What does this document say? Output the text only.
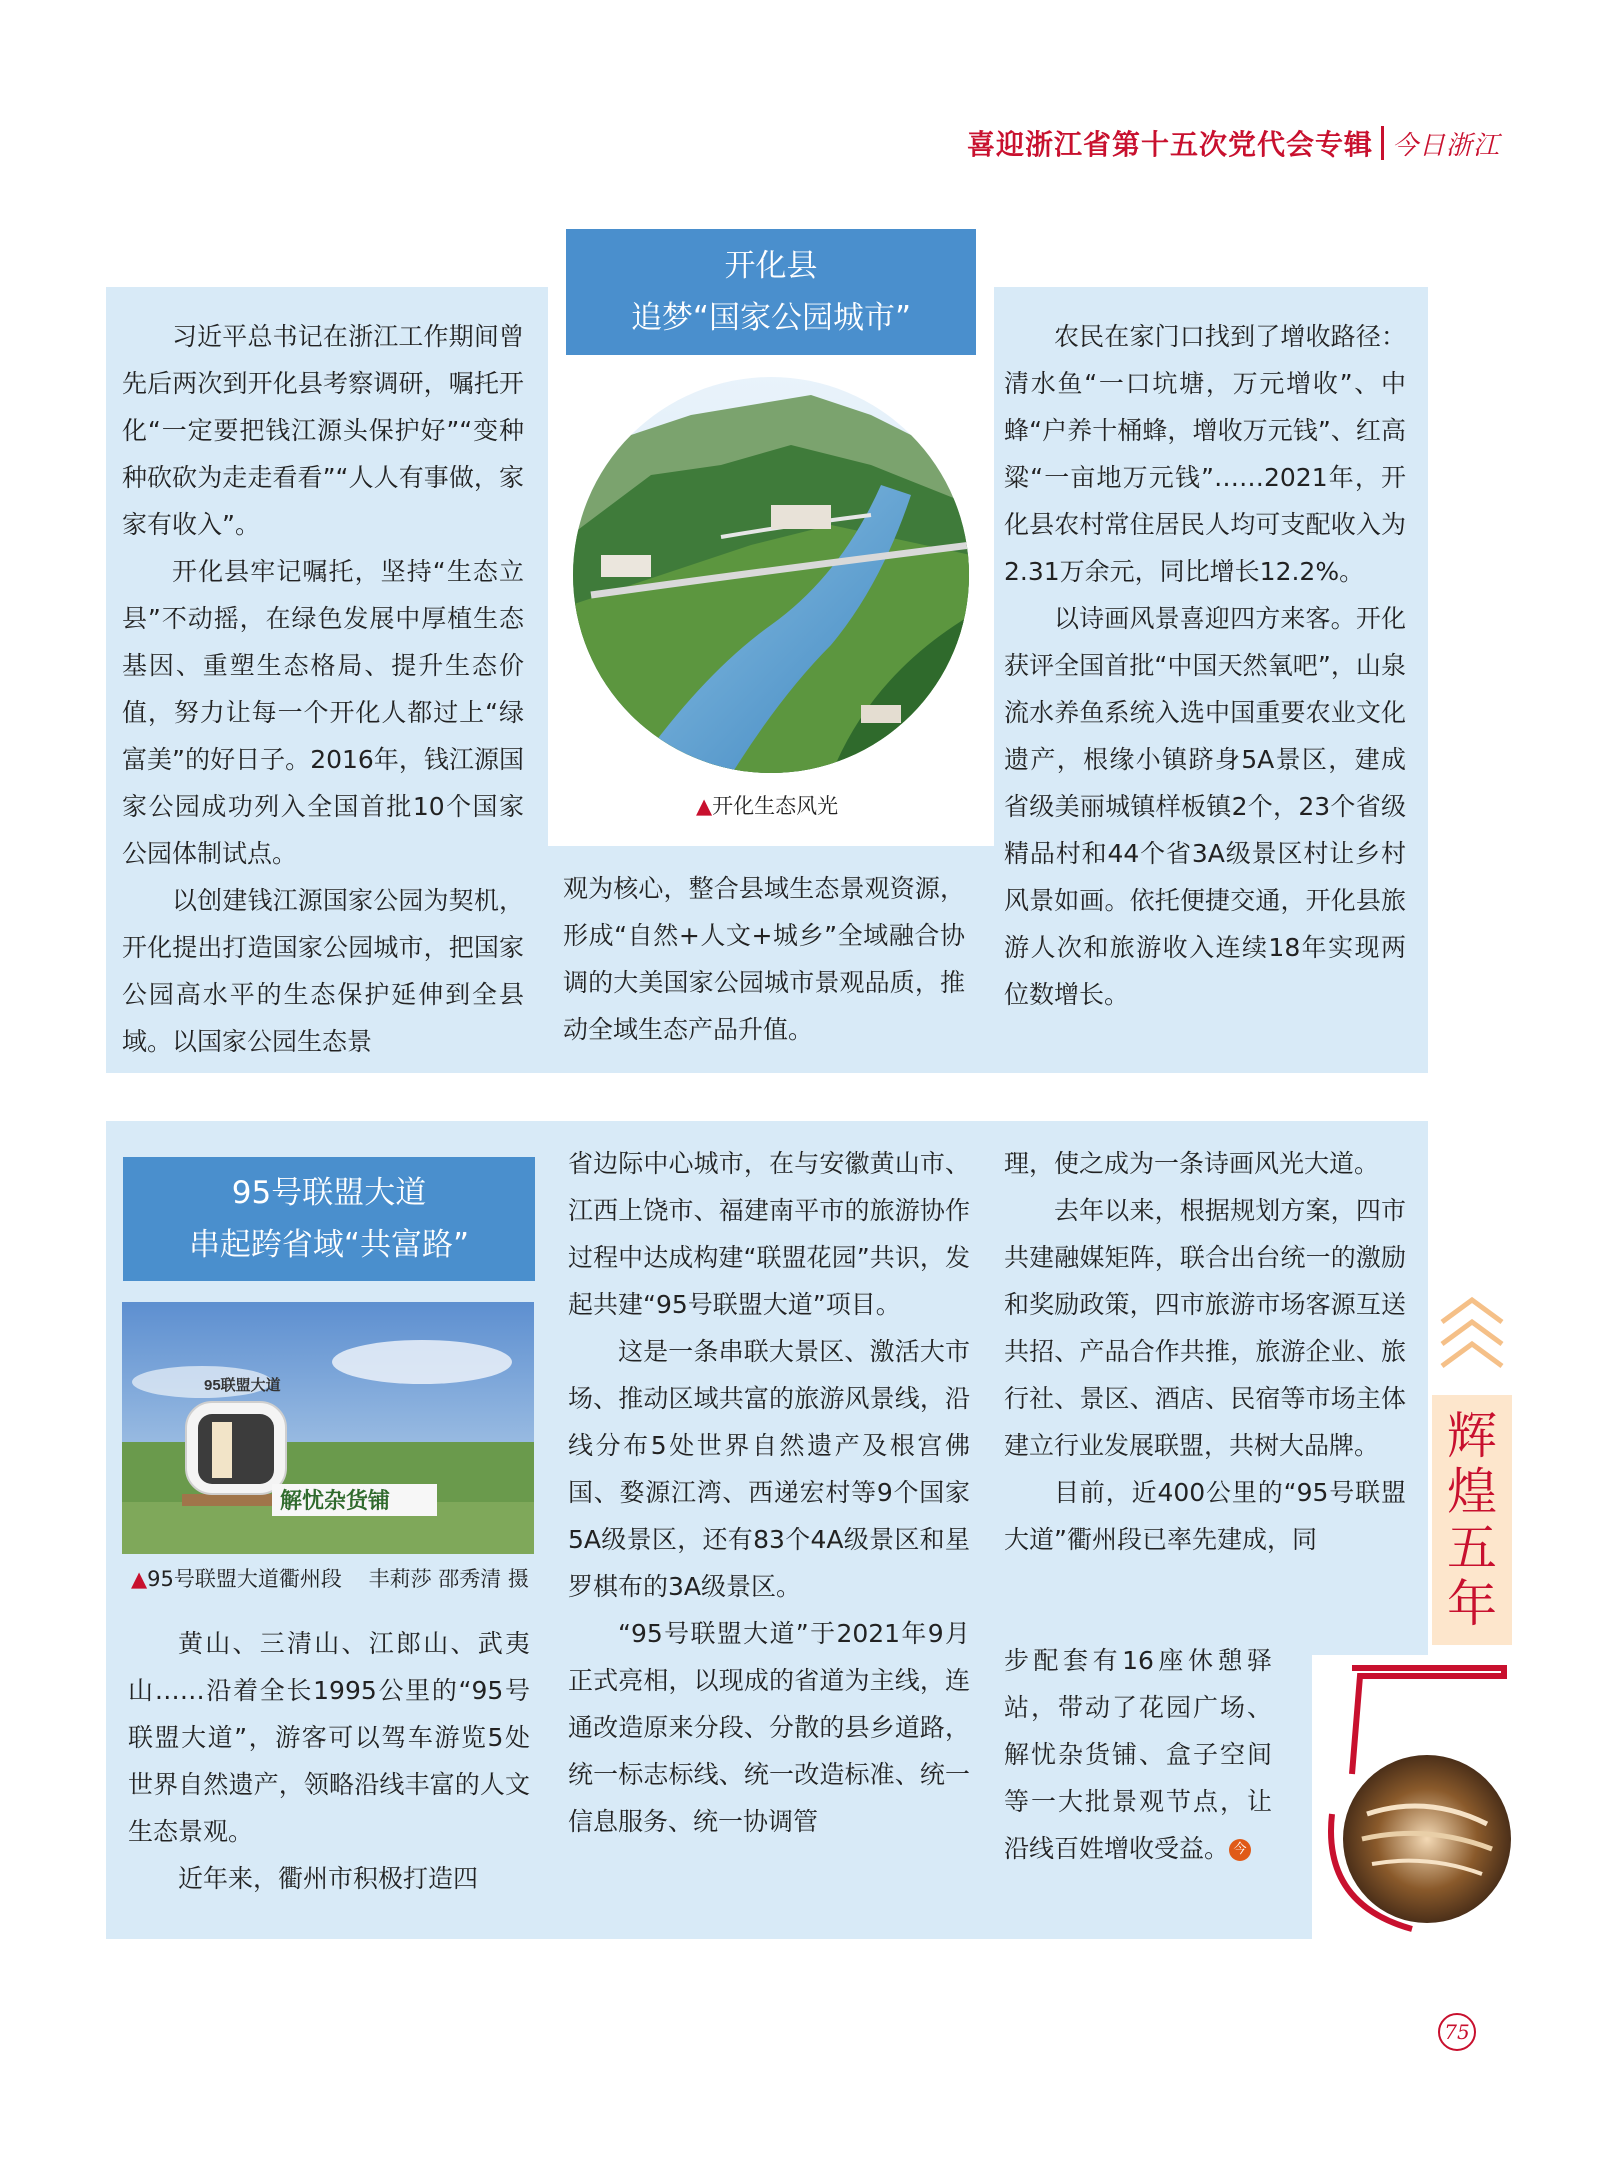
喜迎浙江省第十五次党代会专辑 今日浙江
开化县
追梦“国家公园城市”
▲开化生态风光

习近平总书记在浙江工作期间曾先后两次到开化县考察调研，嘱托开化“一定要把钱江源头保护好”“变种种砍砍为走走看看”“人人有事做，家家有收入”。

开化县牢记嘱托，坚持“生态立县”不动摇，在绿色发展中厚植生态基因、重塑生态格局、提升生态价值，努力让每一个开化人都过上“绿富美”的好日子。2016年，钱江源国家公园成功列入全国首批10个国家公园体制试点。

以创建钱江源国家公园为契机，开化提出打造国家公园城市，把国家公园高水平的生态保护延伸到全县域。以国家公园生态景

观为核心，整合县域生态景观资源，形成“自然+人文+城乡”全域融合协调的大美国家公园城市景观品质，推动全域生态产品升值。

农民在家门口找到了增收路径：清水鱼“一口坑塘，万元增收”、中蜂“户养十桶蜂，增收万元钱”、红高粱“一亩地万元钱”……2021年，开化县农村常住居民人均可支配收入为2.31万余元，同比增长12.2%。

以诗画风景喜迎四方来客。开化获评全国首批“中国天然氧吧”，山泉流水养鱼系统入选中国重要农业文化遗产，根缘小镇跻身5A景区，建成省级美丽城镇样板镇2个，23个省级精品村和44个省3A级景区村让乡村风景如画。依托便捷交通，开化县旅游人次和旅游收入连续18年实现两位数增长。

95号联盟大道
串起跨省域“共富路”
95联盟大道
解忧杂货铺
▲95号联盟大道衢州段 丰莉莎 邵秀清 摄

黄山、三清山、江郎山、武夷山……沿着全长1995公里的“95号联盟大道”，游客可以驾车游览5处世界自然遗产，领略沿线丰富的人文生态景观。

近年来，衢州市积极打造四

省边际中心城市，在与安徽黄山市、江西上饶市、福建南平市的旅游协作过程中达成构建“联盟花园”共识，发起共建“95号联盟大道”项目。

这是一条串联大景区、激活大市场、推动区域共富的旅游风景线，沿线分布5处世界自然遗产及根宫佛国、婺源江湾、西递宏村等9个国家5A级景区，还有83个4A级景区和星罗棋布的3A级景区。

“95号联盟大道”于2021年9月正式亮相，以现成的省道为主线，连通改造原来分段、分散的县乡道路，统一标志标线、统一改造标准、统一信息服务、统一协调管

理，使之成为一条诗画风光大道。

去年以来，根据规划方案，四市共建融媒矩阵，联合出台统一的激励和奖励政策，四市旅游市场客源互送共招、产品合作共推，旅游企业、旅行社、景区、酒店、民宿等市场主体建立行业发展联盟，共树大品牌。

目前，近400公里的“95号联盟大道”衢州段已率先建成，同

步配套有16座休憩驿站，带动了花园广场、解忧杂货铺、盒子空间等一大批景观节点，让沿线百姓增收受益。 今

辉
煌
五
年
75
